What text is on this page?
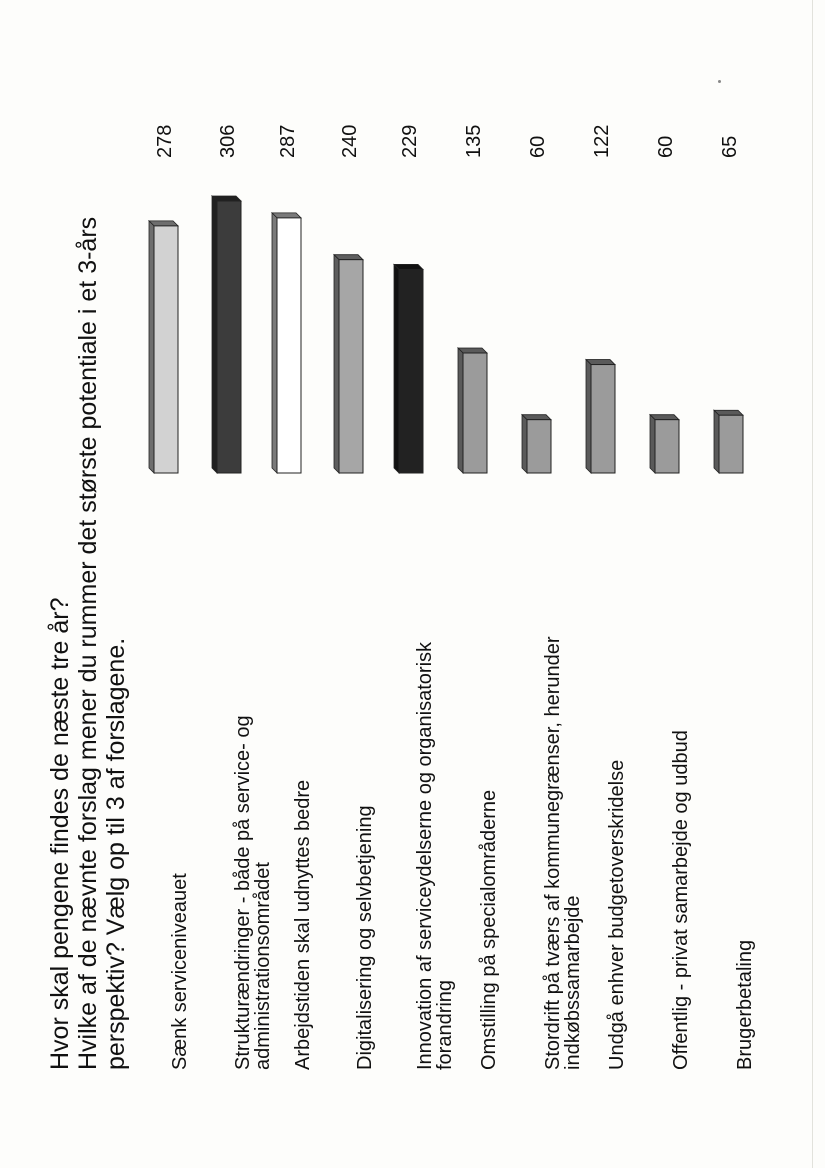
Hvor skal pengene findes de næste tre år? Hvilke af de nævnte forslag mener du rummer det største potentiale i et 3-års perspektiv? Vælg op til 3 af forslagene. Sænk serviceniveauet Strukturændringer - både på service- og
administrationsområdet Arbejdstiden skal udnyttes bedre Digitalisering og selvbetjening Innovation af serviceydelserne og organisatorisk
forandring Omstilling på specialområderne Stordrift på tværs af kommunegrænser, herunder
indkøbssamarbejde Undgå enhver budgetoverskridelse Offentlig - privat samarbejde og udbud Brugerbetaling
278 306 287 240 229 135 60 122 60 65
